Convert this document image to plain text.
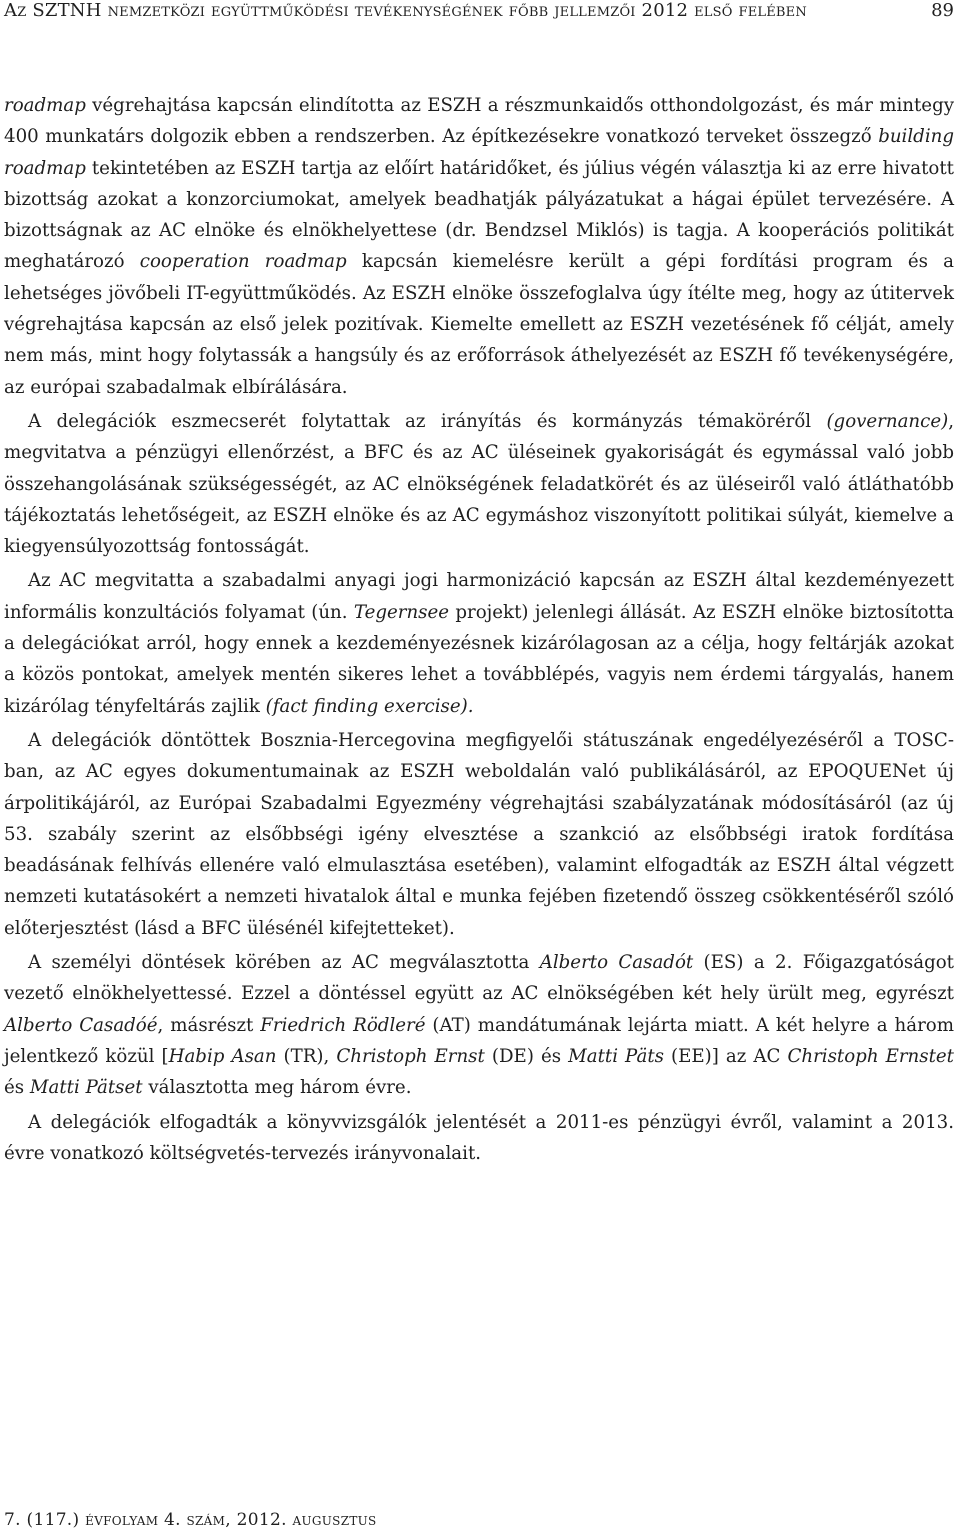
Az SZTNH nemzetközi együttműködési tevékenységének főbb jellemzői 2012 első felében	89

roadmap végrehajtása kapcsán elindította az ESZH a részmunkaidős otthondolgozást, és már mintegy 400 munkatárs dolgozik ebben a rendszerben. Az építkezésekre vonatkozó terveket összegző building roadmap tekintetében az ESZH tartja az előírt határidőket, és július végén választja ki az erre hivatott bizottság azokat a konzorciumokat, amelyek beadhatják pályázatukat a hágai épület tervezésére. A bizottságnak az AC elnöke és elnökhelyettese (dr. Bendzsel Miklós) is tagja. A kooperációs politikát meghatározó cooperation roadmap kapcsán kiemelésre került a gépi fordítási program és a lehetséges jövőbeli IT-együttműködés. Az ESZH elnöke összefoglalva úgy ítélte meg, hogy az útitervek végrehajtása kapcsán az első jelek pozitívak. Kiemelte emellett az ESZH vezetésének fő célját, amely nem más, mint hogy folytassák a hangsúly és az erőforrások áthelyezését az ESZH fő tevékenységére, az európai szabadalmak elbírálására.

A delegációk eszmecserét folytattak az irányítás és kormányzás témaköréről (governance), megvitatva a pénzügyi ellenőrzést, a BFC és az AC üléseinek gyakoriságát és egymással való jobb összehangolásának szükségességét, az AC elnökségének feladatkörét és az üléseiről való átláthatóbb tájékoztatás lehetőségeit, az ESZH elnöke és az AC egymáshoz viszonyított politikai súlyát, kiemelve a kiegyensúlyozottság fontosságát.

Az AC megvitatta a szabadalmi anyagi jogi harmonizáció kapcsán az ESZH által kezdeményezett informális konzultációs folyamat (ún. Tegernsee projekt) jelenlegi állását. Az ESZH elnöke biztosította a delegációkat arról, hogy ennek a kezdeményezésnek kizárólagosan az a célja, hogy feltárják azokat a közös pontokat, amelyek mentén sikeres lehet a továbblépés, vagyis nem érdemi tárgyalás, hanem kizárólag tényfeltárás zajlik (fact finding exercise).

A delegációk döntöttek Bosznia-Hercegovina megfigyelői státuszának engedélyezéséről a TOSC-ban, az AC egyes dokumentumainak az ESZH weboldalán való publikálásáról, az EPOQUENet új árpolitikájáról, az Európai Szabadalmi Egyezmény végrehajtási szabályzatának módosításáról (az új 53. szabály szerint az elsőbbségi igény elvesztése a szankció az elsőbbségi iratok fordítása beadásának felhívás ellenére való elmulasztása esetében), valamint elfogadták az ESZH által végzett nemzeti kutatásokért a nemzeti hivatalok által e munka fejében fizetendő összeg csökkentéséről szóló előterjesztést (lásd a BFC ülésénél kifejtetteket).

A személyi döntések körében az AC megválasztotta Alberto Casadót (ES) a 2. Főigazgatóságot vezető elnökhelyettessé. Ezzel a döntéssel együtt az AC elnökségében két hely ürült meg, egyrészt Alberto Casadóé, másrészt Friedrich Rödleré (AT) mandátumának lejárta miatt. A két helyre a három jelentkező közül [Habip Asan (TR), Christoph Ernst (DE) és Matti Päts (EE)] az AC Christoph Ernstet és Matti Pätset választotta meg három évre.

A delegációk elfogadták a könyvvizsgálók jelentését a 2011-es pénzügyi évről, valamint a 2013. évre vonatkozó költségvetés-tervezés irányvonalait.

7. (117.) évfolyam 4. szám, 2012. augusztus
